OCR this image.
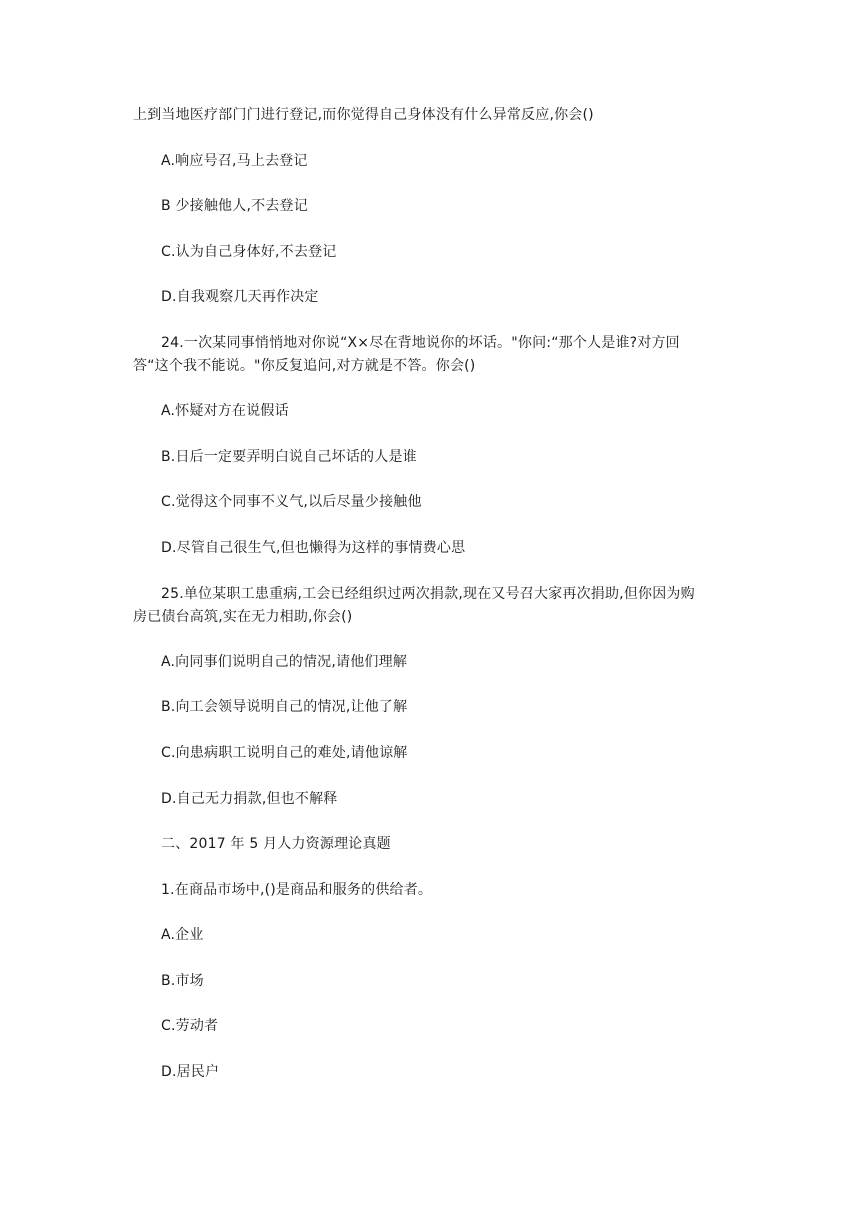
上到当地医疗部门门进行登记,而你觉得自己身体没有什么异常反应,你会()
A.响应号召,马上去登记
B 少接触他人,不去登记
C.认为自己身体好,不去登记
D.自我观察几天再作决定
24.一次某同事悄悄地对你说“X×尽在背地说你的坏话。"你问:“那个人是谁?对方回
答“这个我不能说。"你反复追问,对方就是不答。你会()
A.怀疑对方在说假话
B.日后一定要弄明白说自己坏话的人是谁
C.觉得这个同事不义气,以后尽量少接触他
D.尽管自己很生气,但也懒得为这样的事情费心思
25.单位某职工患重病,工会已经组织过两次捐款,现在又号召大家再次捐助,但你因为购
房已债台高筑,实在无力相助,你会()
A.向同事们说明自己的情况,请他们理解
B.向工会领导说明自己的情况,让他了解
C.向患病职工说明自己的难处,请他谅解
D.自己无力捐款,但也不解释
二、2017 年 5 月人力资源理论真题
1.在商品市场中,()是商品和服务的供给者。
A.企业
B.市场
C.劳动者
D.居民户
